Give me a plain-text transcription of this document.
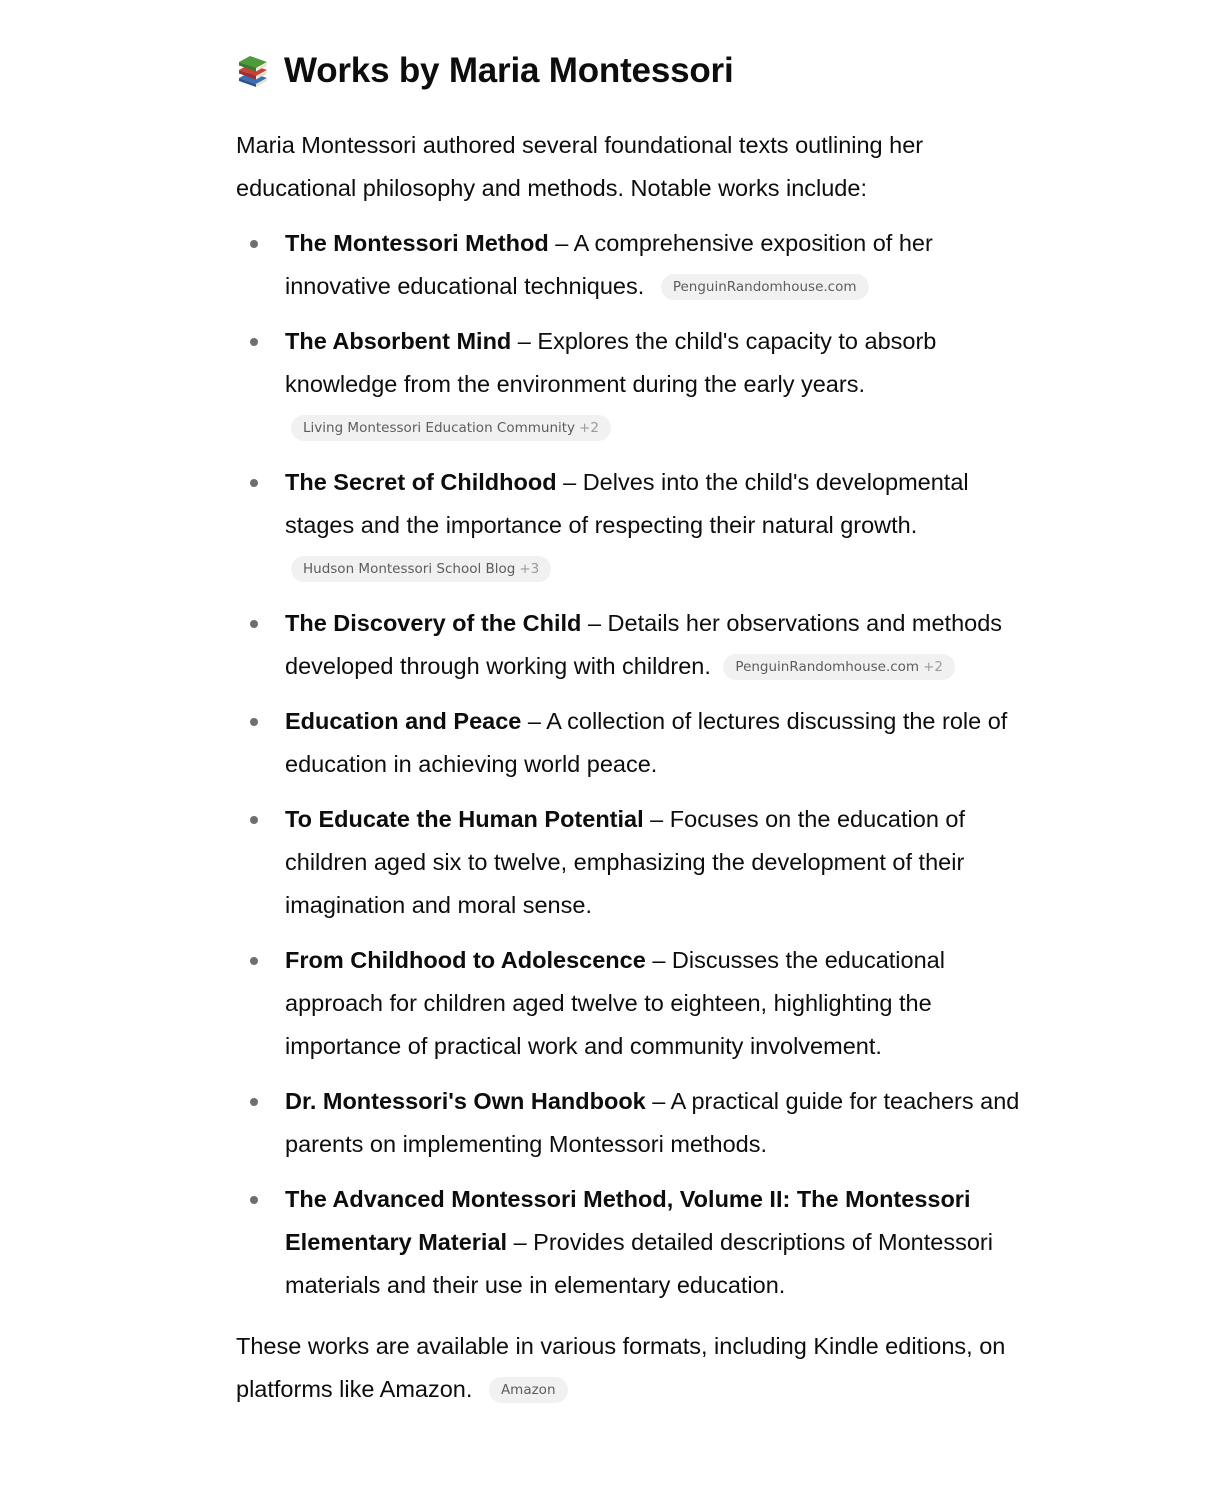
Works by Maria Montessori

Maria Montessori authored several foundational texts outlining her educational philosophy and methods. Notable works include:

The Montessori Method – A comprehensive exposition of her innovative educational techniques. PenguinRandomhouse.com
The Absorbent Mind – Explores the child's capacity to absorb knowledge from the environment during the early years. Living Montessori Education Community +2
The Secret of Childhood – Delves into the child's developmental stages and the importance of respecting their natural growth. Hudson Montessori School Blog +3
The Discovery of the Child – Details her observations and methods developed through working with children. PenguinRandomhouse.com +2
Education and Peace – A collection of lectures discussing the role of education in achieving world peace.
To Educate the Human Potential – Focuses on the education of children aged six to twelve, emphasizing the development of their imagination and moral sense.
From Childhood to Adolescence – Discusses the educational approach for children aged twelve to eighteen, highlighting the importance of practical work and community involvement.
Dr. Montessori's Own Handbook – A practical guide for teachers and parents on implementing Montessori methods.
The Advanced Montessori Method, Volume II: The Montessori Elementary Material – Provides detailed descriptions of Montessori materials and their use in elementary education.

These works are available in various formats, including Kindle editions, on platforms like Amazon. Amazon
